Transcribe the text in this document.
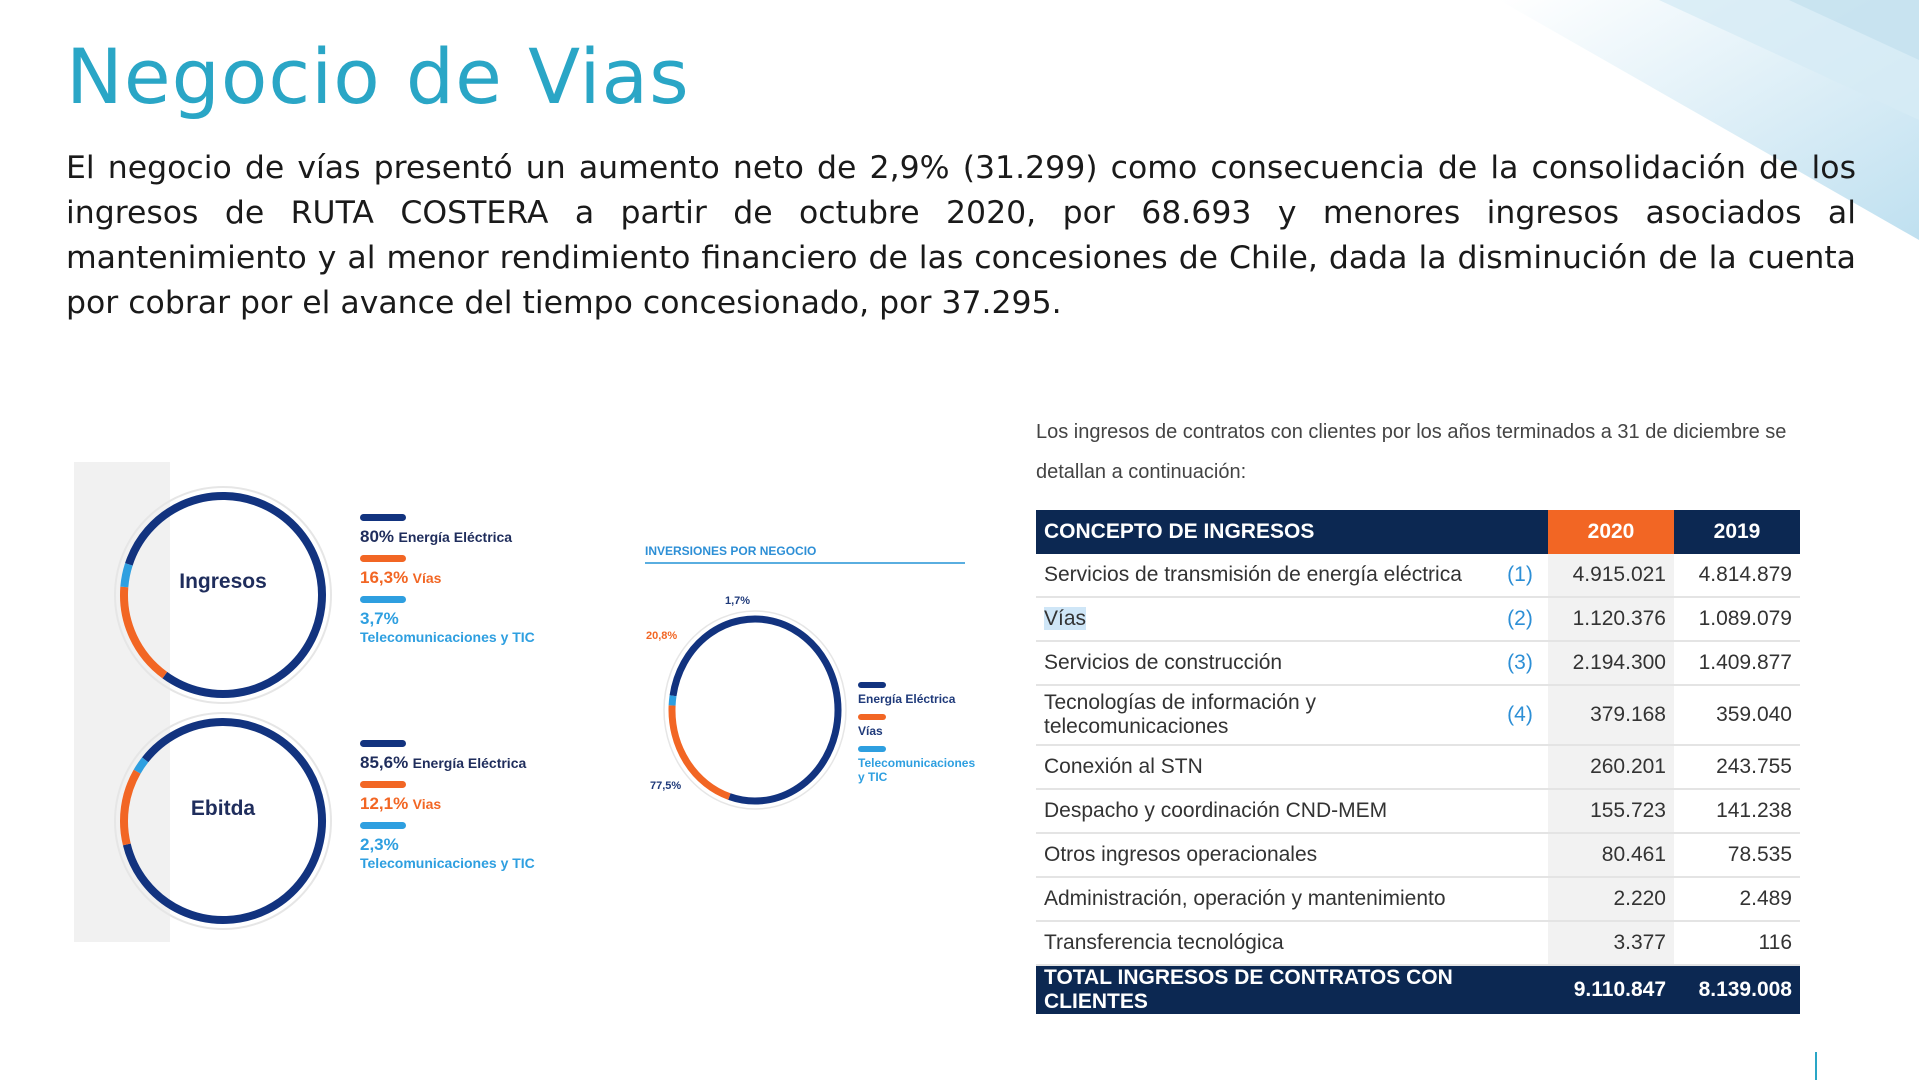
Negocio de Vias

El negocio de vías presentó un aumento neto de 2,9% (31.299) como consecuencia de la consolidación de los ingresos de RUTA COSTERA a partir de octubre 2020, por 68.693 y menores ingresos asociados al mantenimiento y al menor rendimiento financiero de las concesiones de Chile, dada la disminución de la cuenta por cobrar por el avance del tiempo concesionado, por 37.295.

Ingresos
80% Energía Eléctrica
16,3% Vías
3,7%
Telecomunicaciones y TIC
Ebitda
85,6% Energía Eléctrica
12,1% Vias
2,3%
Telecomunicaciones y TIC
INVERSIONES POR NEGOCIO
77,5%
20,8%
1,7%
Energía Eléctrica
Vías
Telecomunicaciones y TIC
Los ingresos de contratos con clientes por los años terminados a 31 de diciembre se detallan a continuación:
CONCEPTO DE INGRESOS		2020	2019
Servicios de transmisión de energía eléctrica	(1)	4.915.021	4.814.879
Vías	(2)	1.120.376	1.089.079
Servicios de construcción	(3)	2.194.300	1.409.877
Tecnologías de información y telecomunicaciones	(4)	379.168	359.040
Conexión al STN		260.201	243.755
Despacho y coordinación CND-MEM		155.723	141.238
Otros ingresos operacionales		80.461	78.535
Administración, operación y mantenimiento		2.220	2.489
Transferencia tecnológica		3.377	116
TOTAL INGRESOS DE CONTRATOS CON CLIENTES		9.110.847	8.139.008
